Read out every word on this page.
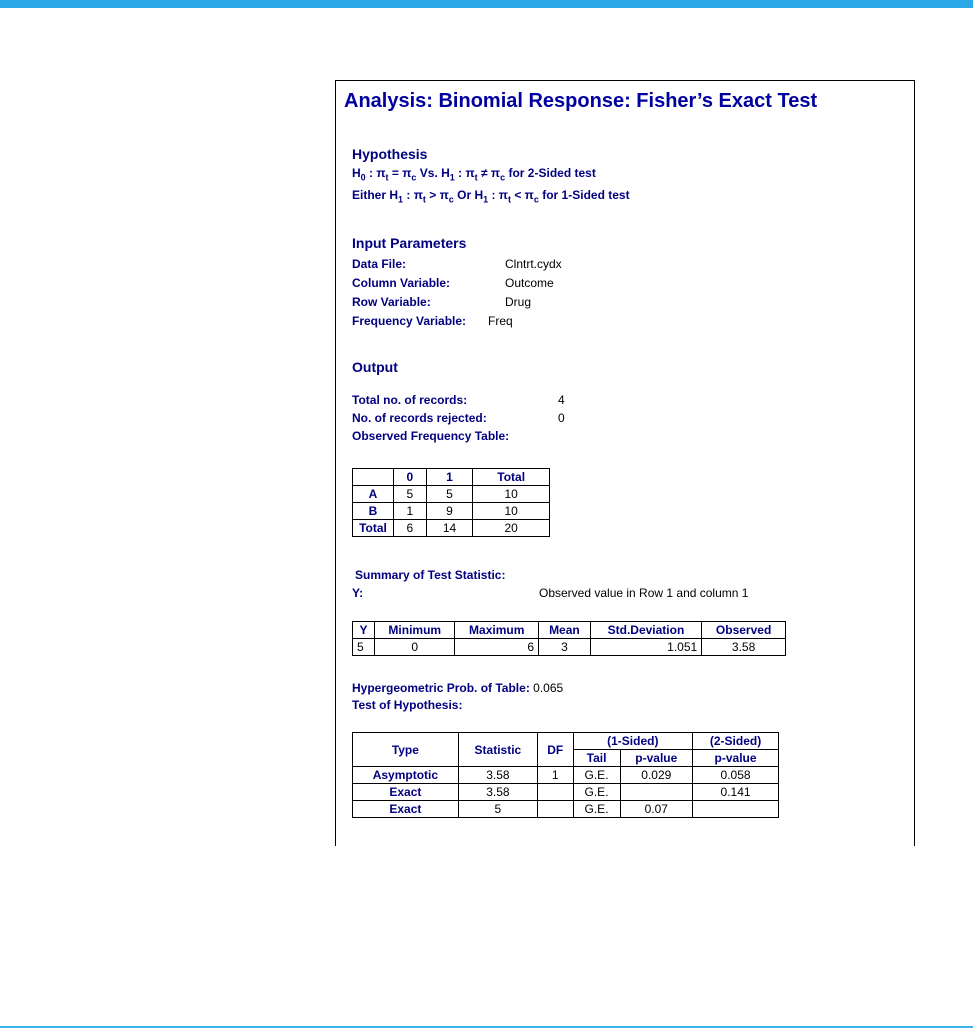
Analysis: Binomial Response: Fisher’s Exact Test
Hypothesis
$H_0$ : $\pi_t = \pi_c$ Vs. $H_1$ : $\pi_t \ne \pi_c$ for 2-Sided test
Either $H_1$ : $\pi_t > \pi_c$ Or $H_1$ : $\pi_t < \pi_c$ for 1-Sided test
Input Parameters
Data File:	Clntrt.cydx
Column Variable:	Outcome
Row Variable:	Drug
Frequency Variable: Freq
Output
Total no. of records:	4
No. of records rejected:	0
Observed Frequency Table:
	0	1	Total
A	5	5	10
B	1	9	10
Total	6	14	20
Summary of Test Statistic:
Y:	Observed value in Row 1 and column 1
Y	Minimum	Maximum	Mean	Std.Deviation	Observed
5	0	6	3	1.051	3.58
Hypergeometric Prob. of Table: 0.065
Test of Hypothesis:
Type	Statistic	DF	(1-Sided)		(2-Sided)
			Tail	p-value	p-value
Asymptotic	3.58	1	G.E.	0.029	0.058
Exact	3.58		G.E.		0.141
Exact	5		G.E.	0.07	
